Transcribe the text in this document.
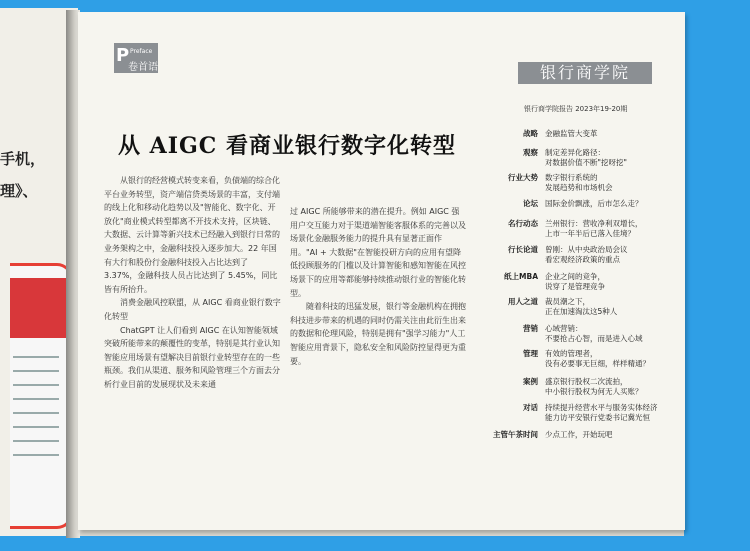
手机，
理》、
P Preface
卷首语	银行商学院
银行商学院报告 2023年19-20期
从 AIGC 看商业银行数字化转型

从银行的经营模式转变来看，负债端的综合化平台业务转型，资产端信贷类场景的丰富，支付端的线上化和移动化趋势以及"智能化、数字化、开放化"商业模式转型都离不开技术支持，区块链、大数据、云计算等新兴技术已经融入到银行日常的业务架构之中，金融科技投入逐步加大。22 年国有大行和股份行金融科技投入占比达到了 3.37%，金融科技人员占比达到了 5.45%，同比皆有所抬升。

消费金融风控联盟，从 AIGC 看商业银行数字化转型

ChatGPT 让人们看到 AIGC 在认知智能领域突破所能带来的颠覆性的变革，特别是其行业认知智能应用场景有望解决目前银行业转型存在的一些瓶颈。我们从渠道、服务和风险管理三个方面去分析行业目前的发展现状及未来通

过 AIGC 所能够带来的潜在提升。例如 AIGC 强用户交互能力对于渠道端智能客服体系的完善以及场景化金融服务能力的提升具有显著正面作用。"AI + 大数据"在智能投研方向的应用有望降低投顾服务的门槛以及计算智能和感知智能在风控场景下的应用等都能够持续推动银行业的智能化转型。

随着科技的迅猛发展，银行等金融机构在拥抱科技进步带来的机遇的同时仍需关注由此衍生出来的数据和伦理风险，特别是拥有"强学习能力"人工智能应用背景下，隐私安全和风险防控显得更为重要。

战略 金融监管大变革
观察 制定差异化路径：
对数据价值不断"挖呀挖"
行业大势 数字银行系统的
发展趋势和市场机会
论坛 国际金价飘涨，后市怎么走？
名行动态 兰州银行：营收净利双增长，
上市一年半后已落入佳境？
行长论道 曾刚：从中央政治局会议
看宏观经济政策的重点
纸上MBA 企业之间的竞争，
说穿了是管理竞争
用人之道 裁员潮之下，
正在加速淘汰这5种人
营销 心域营销：
不要抢占心智，而是进入心域
管理 有效的管理者，
没有必要事无巨细，样样精通？
案例 盛京银行股权二次流拍，
中小银行股权为何无人买账？
对话 持续提升经营水平与服务实体经济
能力访平安银行党委书记冀光恒
主管午茶时间 少点工作，开始玩吧
